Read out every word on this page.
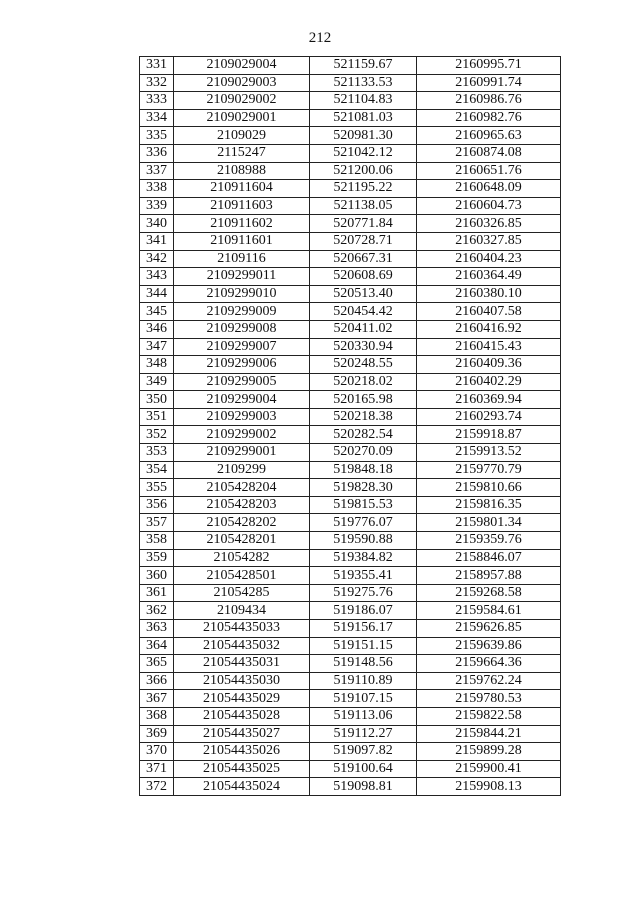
212
331	2109029004	521159.67	2160995.71
332	2109029003	521133.53	2160991.74
333	2109029002	521104.83	2160986.76
334	2109029001	521081.03	2160982.76
335	2109029	520981.30	2160965.63
336	2115247	521042.12	2160874.08
337	2108988	521200.06	2160651.76
338	210911604	521195.22	2160648.09
339	210911603	521138.05	2160604.73
340	210911602	520771.84	2160326.85
341	210911601	520728.71	2160327.85
342	2109116	520667.31	2160404.23
343	2109299011	520608.69	2160364.49
344	2109299010	520513.40	2160380.10
345	2109299009	520454.42	2160407.58
346	2109299008	520411.02	2160416.92
347	2109299007	520330.94	2160415.43
348	2109299006	520248.55	2160409.36
349	2109299005	520218.02	2160402.29
350	2109299004	520165.98	2160369.94
351	2109299003	520218.38	2160293.74
352	2109299002	520282.54	2159918.87
353	2109299001	520270.09	2159913.52
354	2109299	519848.18	2159770.79
355	2105428204	519828.30	2159810.66
356	2105428203	519815.53	2159816.35
357	2105428202	519776.07	2159801.34
358	2105428201	519590.88	2159359.76
359	21054282	519384.82	2158846.07
360	2105428501	519355.41	2158957.88
361	21054285	519275.76	2159268.58
362	2109434	519186.07	2159584.61
363	21054435033	519156.17	2159626.85
364	21054435032	519151.15	2159639.86
365	21054435031	519148.56	2159664.36
366	21054435030	519110.89	2159762.24
367	21054435029	519107.15	2159780.53
368	21054435028	519113.06	2159822.58
369	21054435027	519112.27	2159844.21
370	21054435026	519097.82	2159899.28
371	21054435025	519100.64	2159900.41
372	21054435024	519098.81	2159908.13
